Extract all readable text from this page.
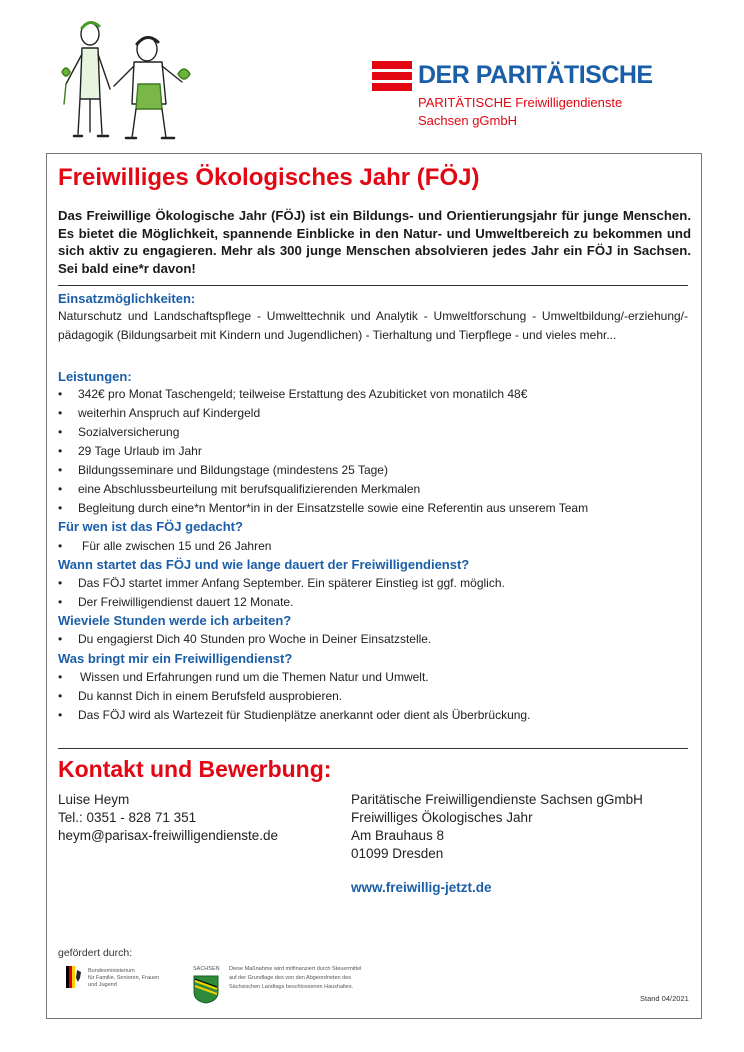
DER PARITÄTISCHE
PARITÄTISCHE Freiwilligendienste
Sachsen gGmbH
Freiwilliges Ökologisches Jahr (FÖJ)
Das Freiwillige Ökologische Jahr (FÖJ) ist ein Bildungs- und Orientierungsjahr für junge Menschen. Es bietet die Möglichkeit, spannende Einblicke in den Natur- und Umweltbereich zu bekommen und sich aktiv zu engagieren. Mehr als 300 junge Menschen absolvieren jedes Jahr ein FÖJ in Sachsen. Sei bald eine*r davon!
Einsatzmöglichkeiten:
Naturschutz und Landschaftspflege - Umwelttechnik und Analytik - Umweltforschung - Umweltbildung/-erziehung/-pädagogik (Bildungsarbeit mit Kindern und Jugendlichen) - Tierhaltung und Tierpflege - und vieles mehr...
Leistungen:
• 342€ pro Monat Taschengeld; teilweise Erstattung des Azubiticket von monatilch 48€
• weiterhin Anspruch auf Kindergeld
• Sozialversicherung
• 29 Tage Urlaub im Jahr
• Bildungsseminare und Bildungstage (mindestens 25 Tage)
• eine Abschlussbeurteilung mit berufsqualifizierenden Merkmalen
• Begleitung durch eine*n Mentor*in in der Einsatzstelle sowie eine Referentin aus unserem Team
Für wen ist das FÖJ gedacht?
• Für alle zwischen 15 und 26 Jahren
Wann startet das FÖJ und wie lange dauert der Freiwilligendienst?
• Das FÖJ startet immer Anfang September. Ein späterer Einstieg ist ggf. möglich.
• Der Freiwilligendienst dauert 12 Monate.
Wieviele Stunden werde ich arbeiten?
• Du engagierst Dich 40 Stunden pro Woche in Deiner Einsatzstelle.
Was bringt mir ein Freiwilligendienst?
• Wissen und Erfahrungen rund um die Themen Natur und Umwelt.
• Du kannst Dich in einem Berufsfeld ausprobieren.
• Das FÖJ wird als Wartezeit für Studienplätze anerkannt oder dient als Überbrückung.
Kontakt und Bewerbung:
Luise Heym
Tel.: 0351 - 828 71 351
heym@parisax-freiwilligendienste.de
Paritätische Freiwilligendienste Sachsen gGmbH
Freiwilliges Ökologisches Jahr
Am Brauhaus 8
01099 Dresden
www.freiwillig-jetzt.de
gefördert durch:
Bundesministerium
für Familie, Senioren, Frauen
und Jugend
SACHSEN Diese Maßnahme wird mitfinanziert durch Steuermittel
auf der Grundlage des von den Abgeordneten des
Sächsischen Landtags beschlossenen Haushaltes.
Stand 04/2021
